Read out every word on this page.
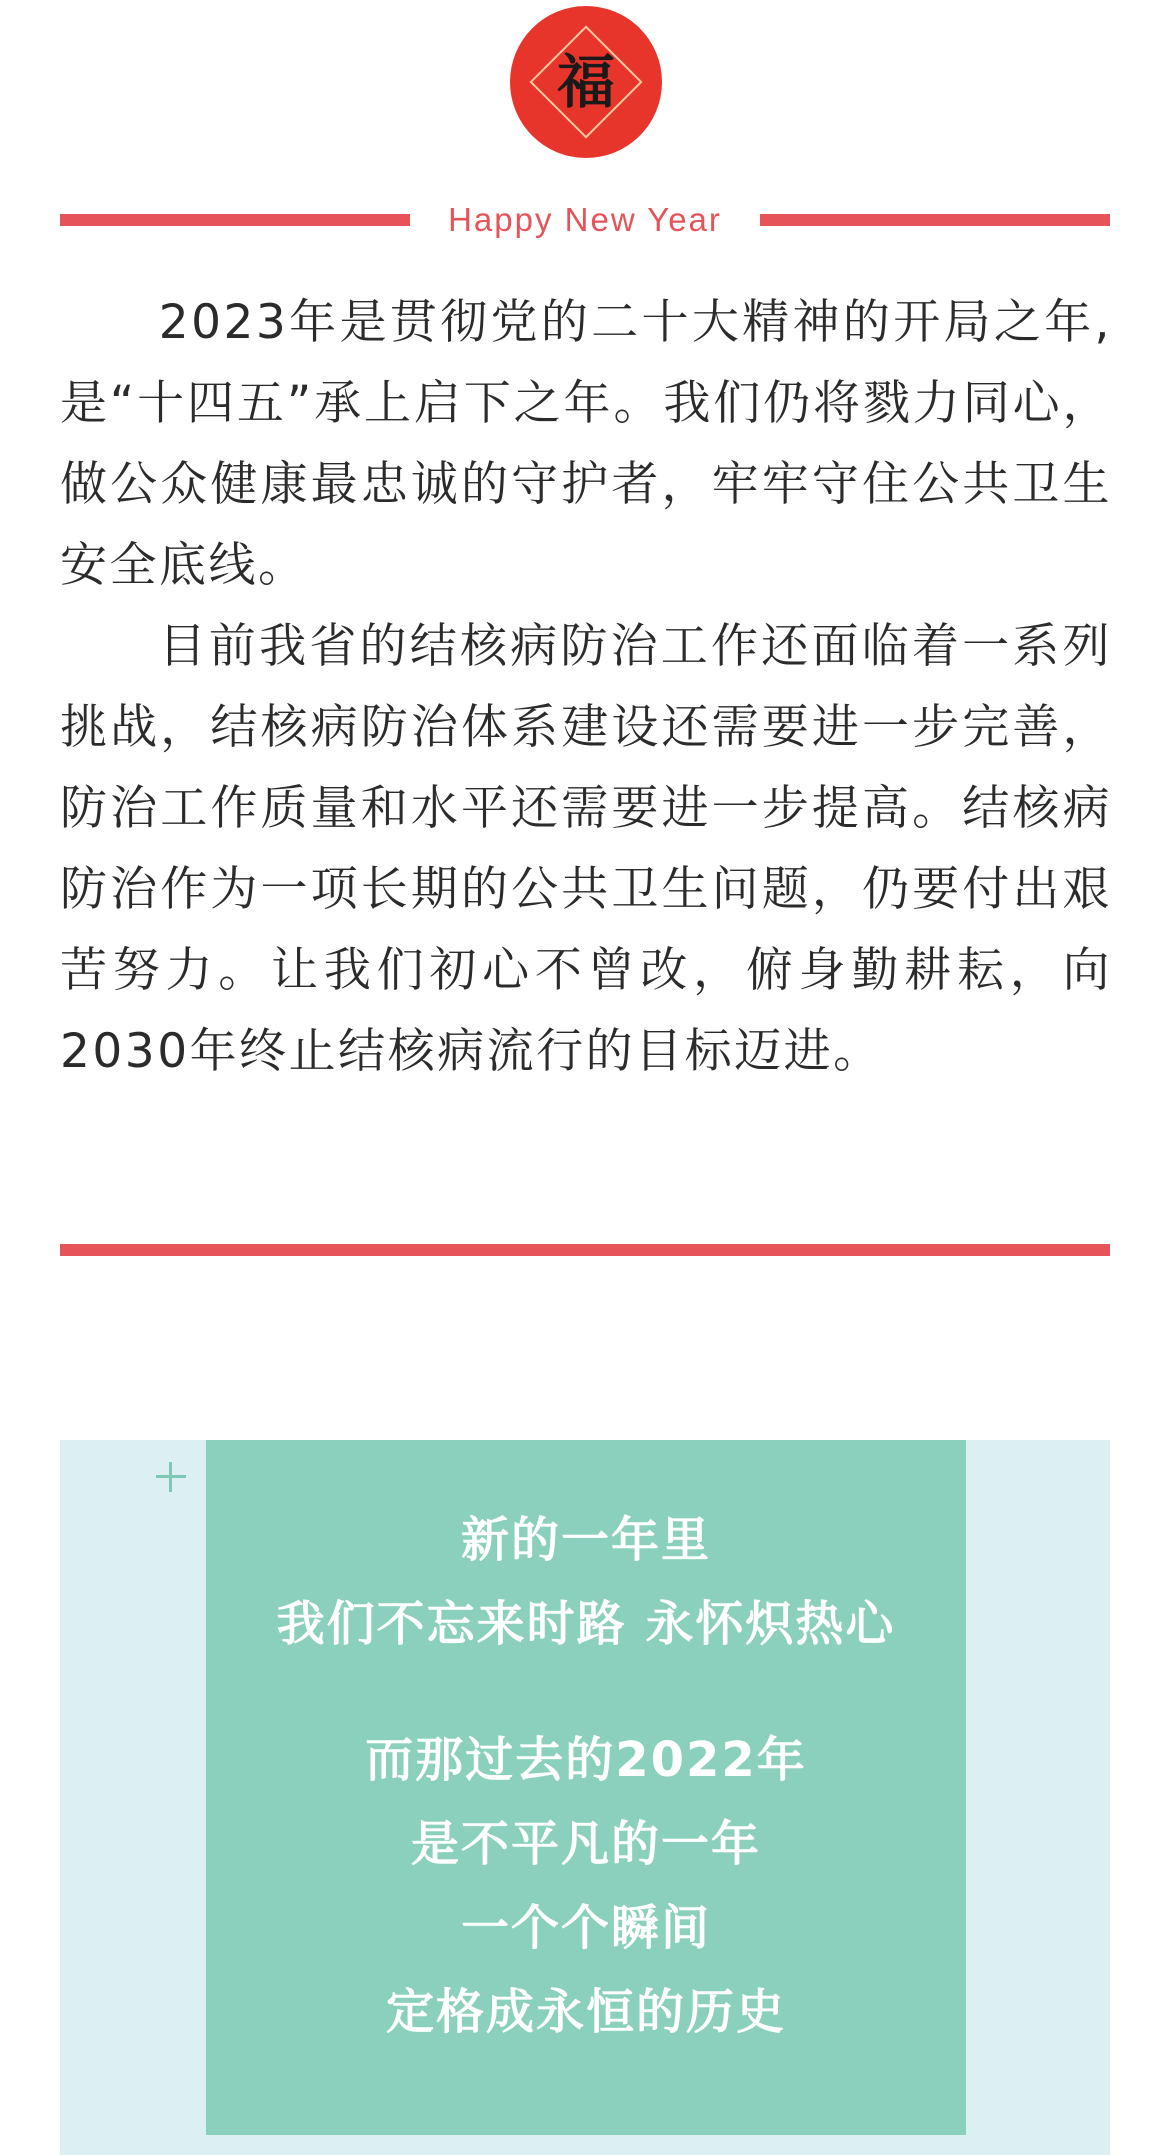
福
Happy New Year

2023年是贯彻党的二十大精神的开局之年,是“十四五”承上启下之年。我们仍将戮力同心，做公众健康最忠诚的守护者，牢牢守住公共卫生安全底线。

目前我省的结核病防治工作还面临着一系列挑战，结核病防治体系建设还需要进一步完善，防治工作质量和水平还需要进一步提高。结核病防治作为一项长期的公共卫生问题，仍要付出艰苦努力。让我们初心不曾改，俯身勤耕耘，向2030年终止结核病流行的目标迈进。

新的一年里
我们不忘来时路 永怀炽热心
而那过去的2022年
是不平凡的一年
一个个瞬间
定格成永恒的历史
